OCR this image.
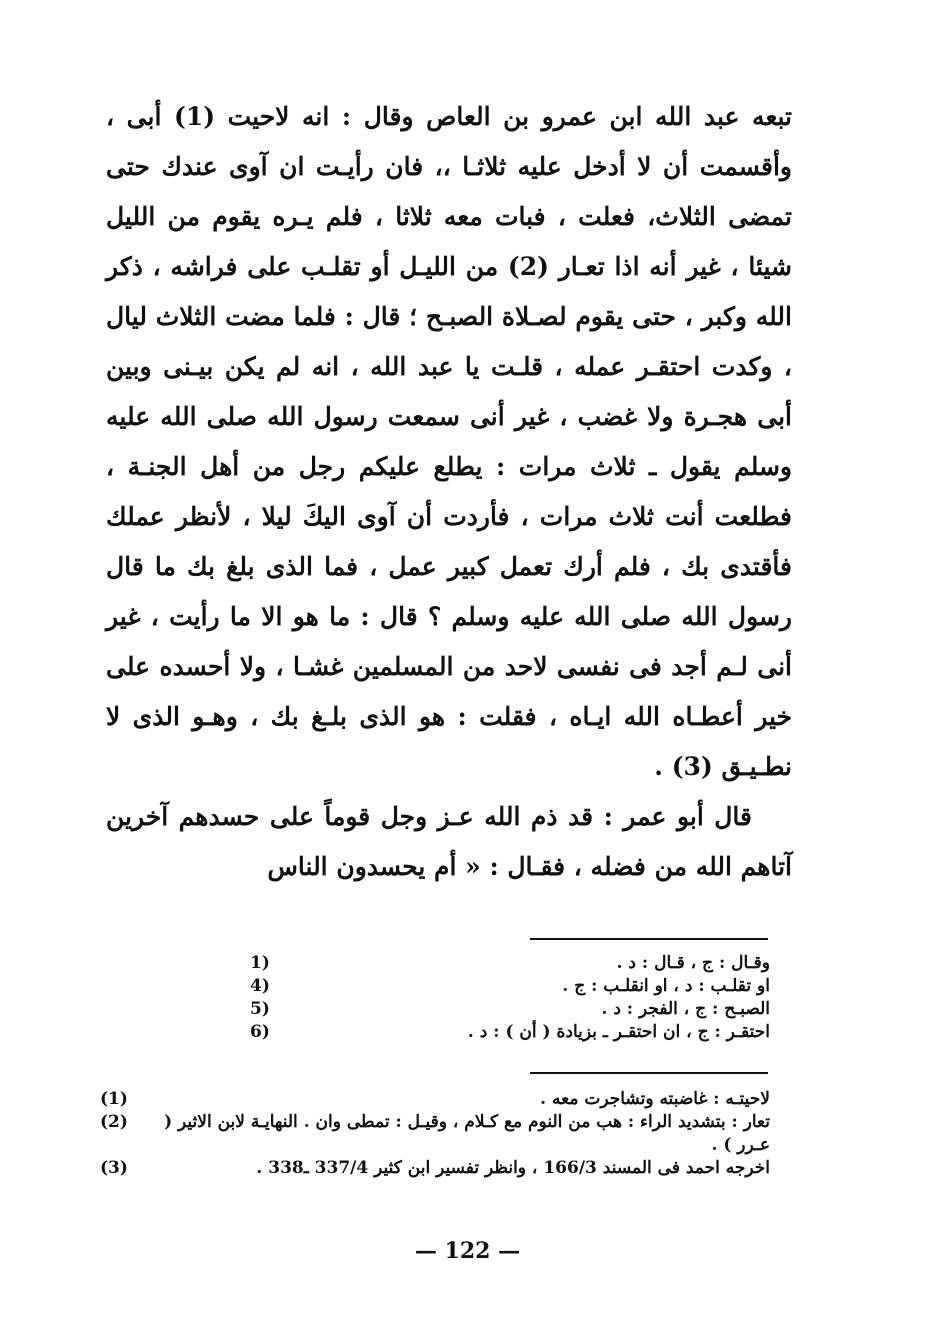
تبعه عبد الله ابن عمرو بن العاص وقال : انه لاحيت (1) أبى ، وأقسمت أن لا أدخل عليه ثلاثـا ،، فان رأيـت ان آوى عندك حتى تمضى الثلاث، فعلت ، فبات معه ثلاثا ، فلم يـره يقوم من الليل شيئا ، غير أنه اذا تعـار (2) من الليـل أو تقلـب على فراشه ، ذكر الله وكبر ، حتى يقوم لصـلاة الصبـح ؛ قال : فلما مضت الثلاث ليال ، وكدت احتقـر عمله ، قلـت يا عبد الله ، انه لم يكن بيـنى وبين أبى هجـرة ولا غضب ، غير أنى سمعت رسول الله صلى الله عليه وسلم يقول ـ ثلاث مرات : يطلع عليكم رجل من أهل الجنـة ، فطلعت أنت ثلاث مرات ، فأردت أن آوى اليكَ ليلا ، لأنظر عملك فأقتدى بك ، فلم أرك تعمل كبير عمل ، فما الذى بلغ بك ما قال رسول الله صلى الله عليه وسلم ؟ قال : ما هو الا ما رأيت ، غير أنى لـم أجد فى نفسى لاحد من المسلمين غشـا ، ولا أحسده على خير أعطـاه الله ايـاه ، فقلت : هو الذى بلـغ بك ، وهـو الذى لا نطـيـق (3) .

قال أبو عمر : قد ذم الله عـز وجل قوماً على حسدهم آخرين آتاهم الله من فضله ، فقـال : « أم يحسدون الناس

وقـال : ج ، قـال : د .
1)
او تقلـب : د ، او انقلـب : ج .
4)
الصبـح : ج ، الفجر : د .
5)
احتقـر : ج ، ان احتقـر ـ بزيادة ( أن ) : د .
6)
لاحيتـه : غاضبته وتشاجرت معه .
(1)
تعار : بتشديد الراء : هب من النوم مع كـلام ، وقيـل : تمطى وان . النهايـة لابن الاثير ( عـرر ) .
(2)
اخرجه احمد فى المسند 166/3 ، وانظر تفسير ابن كثير 337/4 ـ338 .
(3)
— 122 —
